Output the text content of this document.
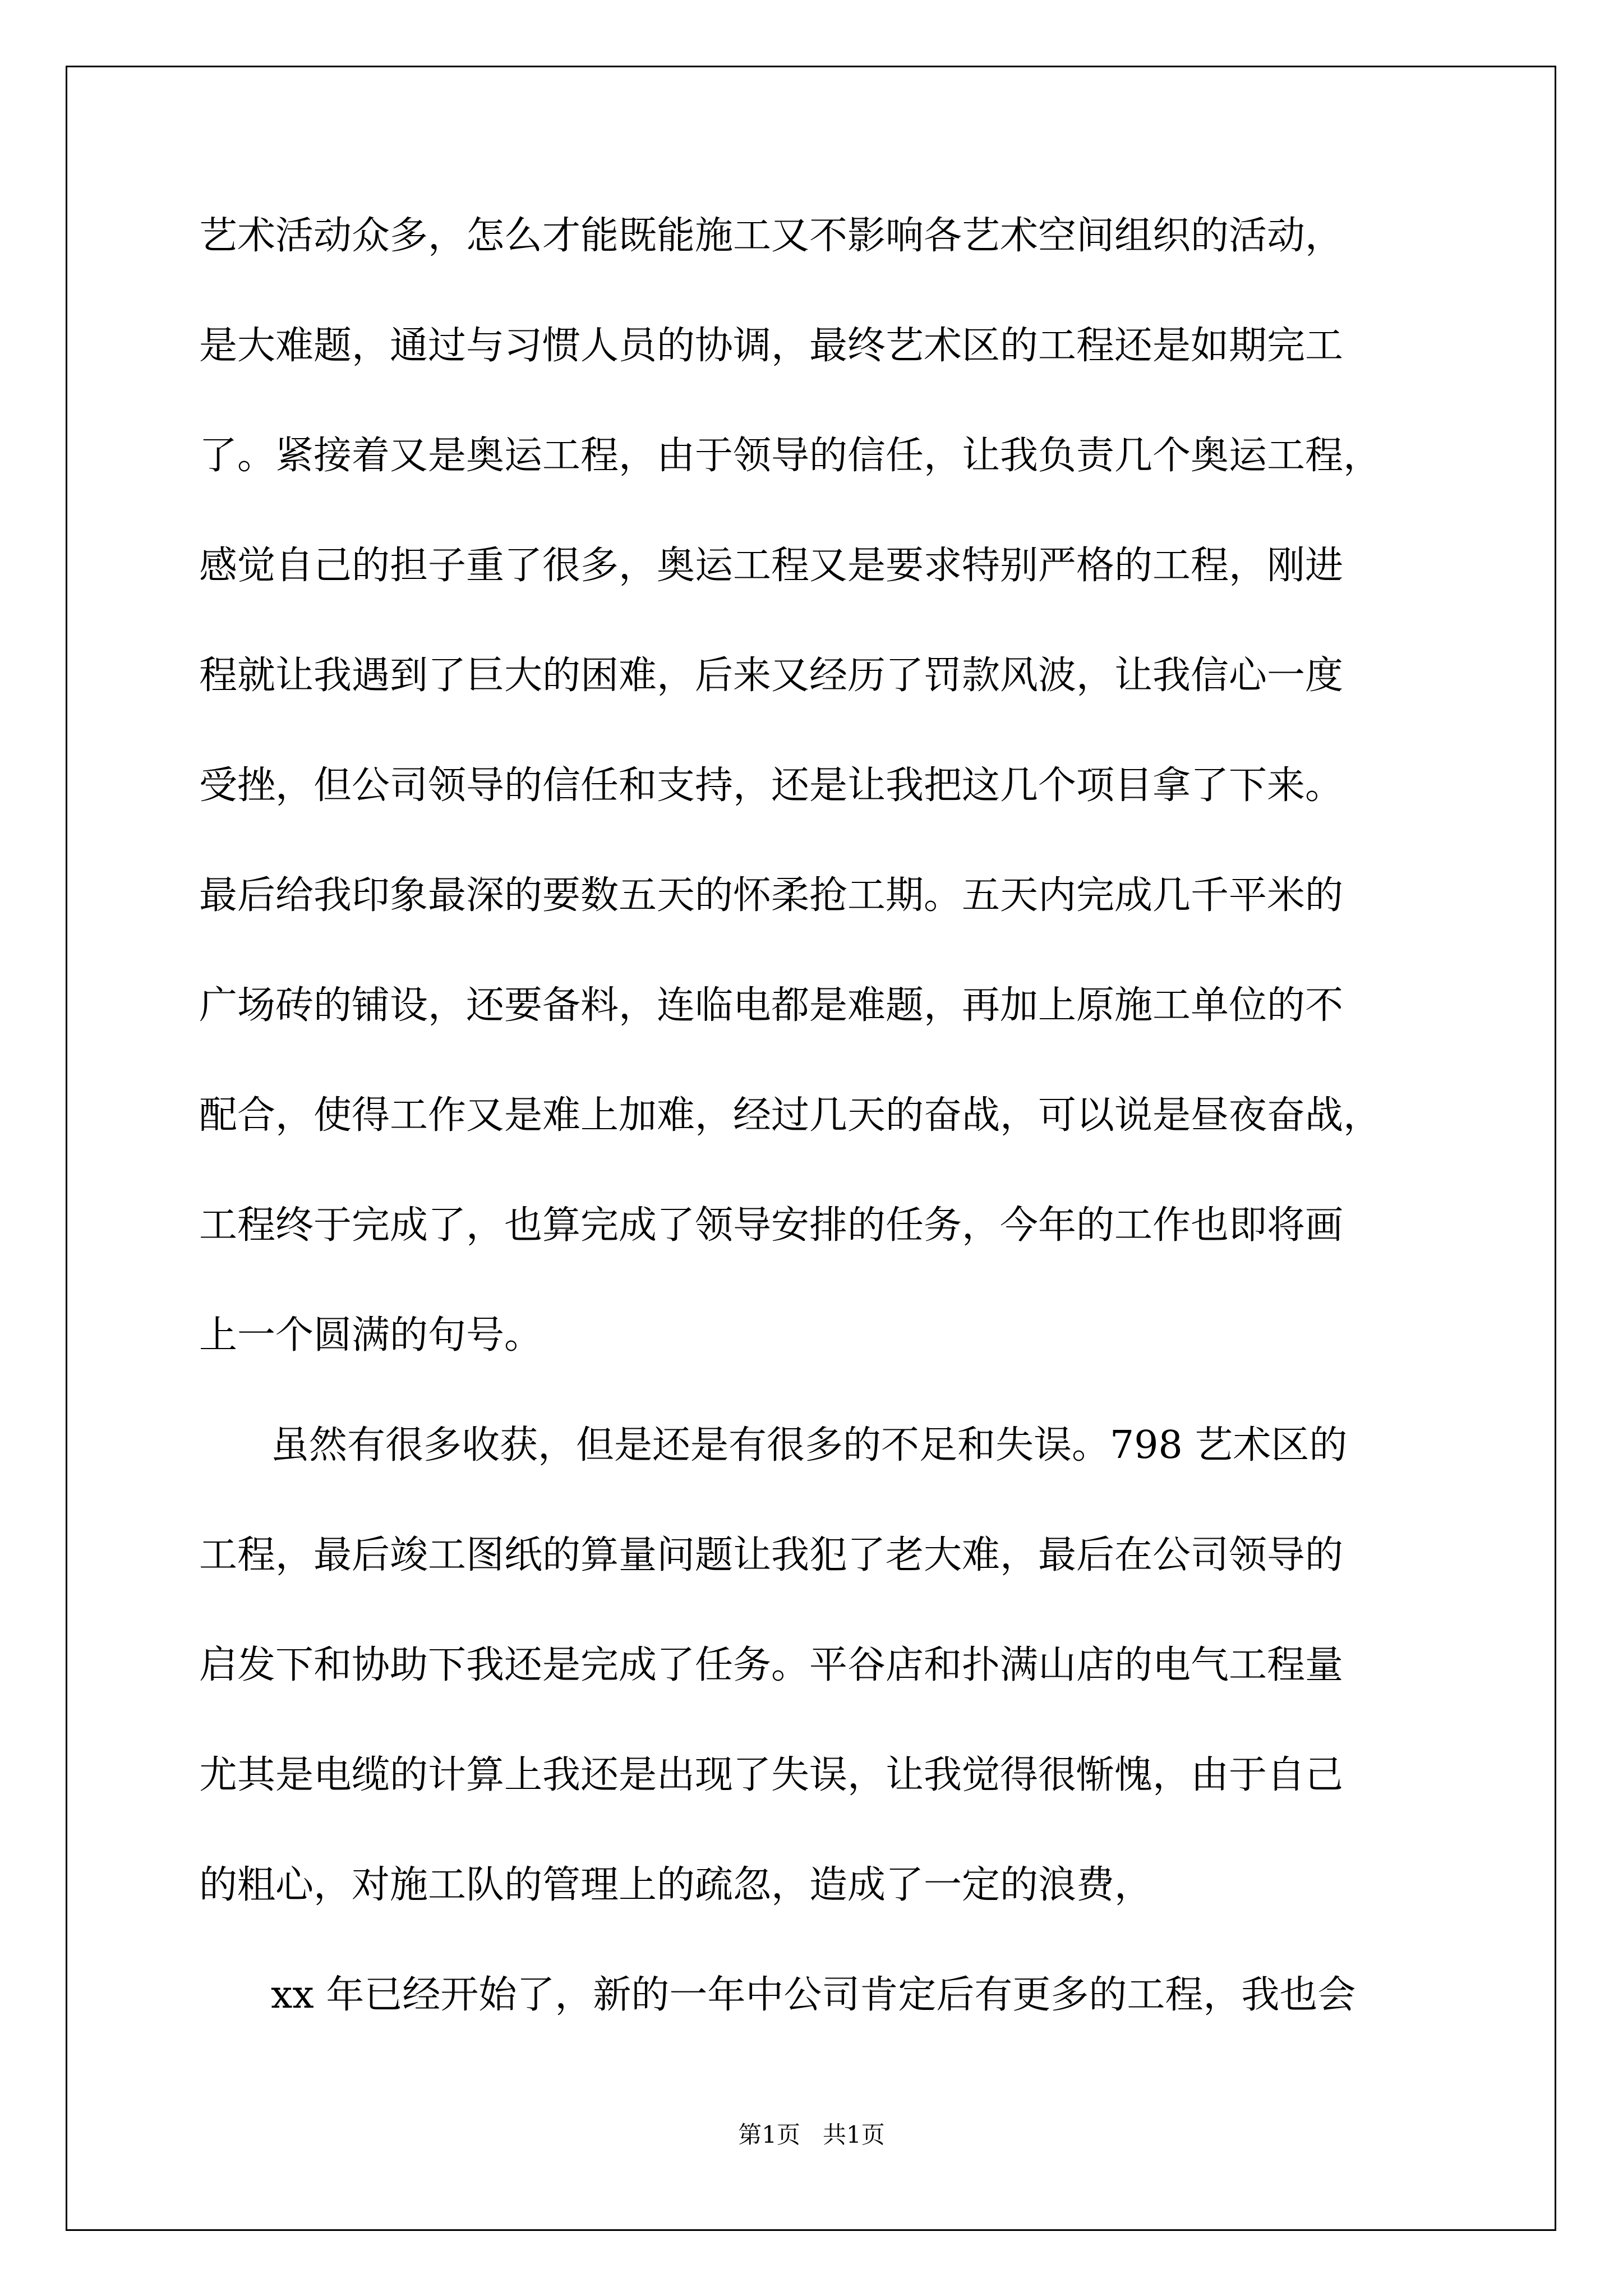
艺术活动众多，怎么才能既能施工又不影响各艺术空间组织的活动，
是大难题，通过与习惯人员的协调，最终艺术区的工程还是如期完工
了。紧接着又是奥运工程，由于领导的信任，让我负责几个奥运工程，
感觉自己的担子重了很多，奥运工程又是要求特别严格的工程，刚进
程就让我遇到了巨大的困难，后来又经历了罚款风波，让我信心一度
受挫，但公司领导的信任和支持，还是让我把这几个项目拿了下来。
最后给我印象最深的要数五天的怀柔抢工期。五天内完成几千平米的
广场砖的铺设，还要备料，连临电都是难题，再加上原施工单位的不
配合，使得工作又是难上加难，经过几天的奋战，可以说是昼夜奋战，
工程终于完成了，也算完成了领导安排的任务，今年的工作也即将画
上一个圆满的句号。
虽然有很多收获，但是还是有很多的不足和失误。798 艺术区的
工程，最后竣工图纸的算量问题让我犯了老大难，最后在公司领导的
启发下和协助下我还是完成了任务。平谷店和扑满山店的电气工程量
尤其是电缆的计算上我还是出现了失误，让我觉得很惭愧，由于自己
的粗心，对施工队的管理上的疏忽，造成了一定的浪费，
xx 年已经开始了，新的一年中公司肯定后有更多的工程，我也会
第1页   共1页
